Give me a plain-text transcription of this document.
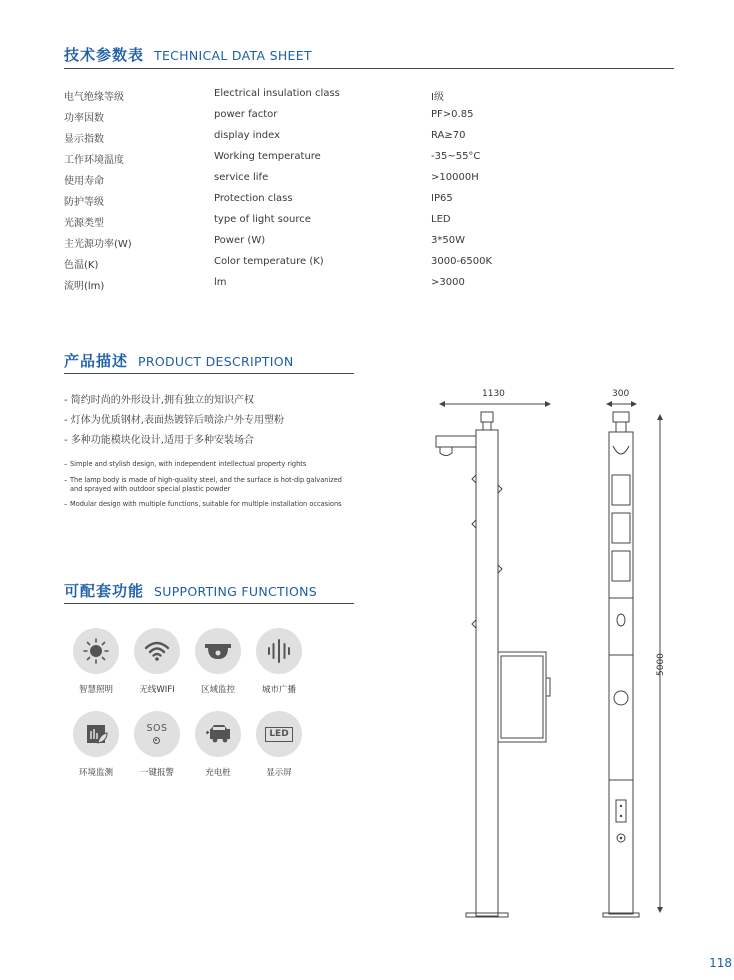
技术参数表 TECHNICAL DATA SHEET
电气绝缘等级	Electrical insulation class	I级
功率因数	power factor	PF>0.85
显示指数	display index	RA≥70
工作环境温度	Working temperature	-35~55°C
使用寿命	service life	>10000H
防护等级	Protection class	IP65
光源类型	type of light source	LED
主光源功率(W)	Power (W)	3*50W
色温(K)	Color temperature (K)	3000-6500K
流明(lm)	lm	>3000
产品描述 PRODUCT DESCRIPTION
- 简约时尚的外形设计,拥有独立的知识产权
- 灯体为优质钢材,表面热镀锌后喷涂户外专用塑粉
- 多种功能模块化设计,适用于多种安装场合
– Simple and stylish design, with independent intellectual property rights
– The lamp body is made of high-quality steel, and the surface is hot-dip galvanized and sprayed with outdoor special plastic powder
– Modular design with multiple functions, suitable for multiple installation occasions
可配套功能 SUPPORTING FUNCTIONS
智慧照明	无线WIFI	区域监控	城市广播
环境监测
SOS
一键报警	充电桩
LED
显示屏
1130	300
5000
118
